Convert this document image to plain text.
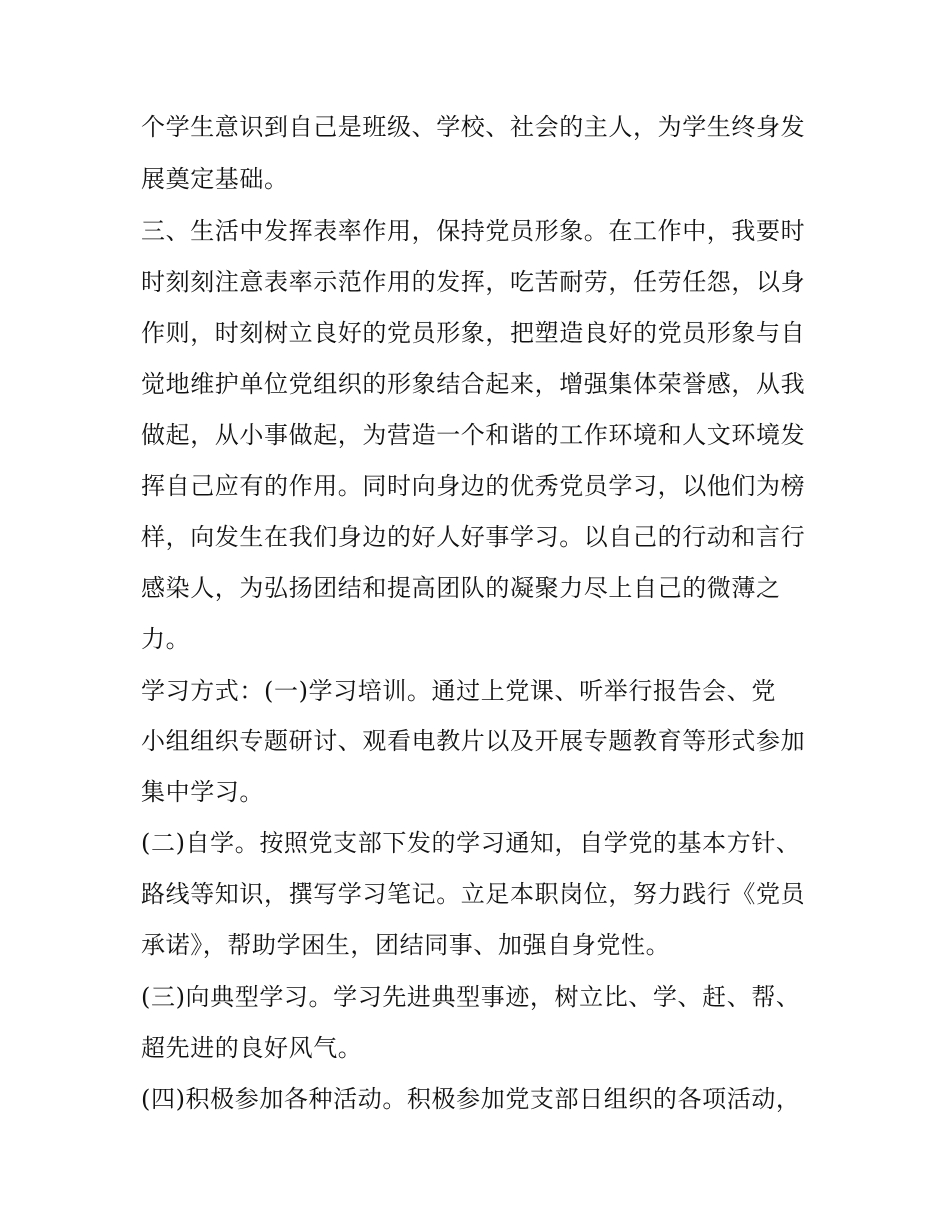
个学生意识到自己是班级、学校、社会的主人，为学生终身发
展奠定基础。
三、生活中发挥表率作用，保持党员形象。在工作中，我要时
时刻刻注意表率示范作用的发挥，吃苦耐劳，任劳任怨，以身
作则，时刻树立良好的党员形象，把塑造良好的党员形象与自
觉地维护单位党组织的形象结合起来，增强集体荣誉感，从我
做起，从小事做起，为营造一个和谐的工作环境和人文环境发
挥自己应有的作用。同时向身边的优秀党员学习，以他们为榜
样，向发生在我们身边的好人好事学习。以自己的行动和言行
感染人，为弘扬团结和提高团队的凝聚力尽上自己的微薄之
力。
学习方式：(一)学习培训。通过上党课、听举行报告会、党
小组组织专题研讨、观看电教片以及开展专题教育等形式参加
集中学习。
(二)自学。按照党支部下发的学习通知，自学党的基本方针、
路线等知识，撰写学习笔记。立足本职岗位，努力践行《党员
承诺》，帮助学困生，团结同事、加强自身党性。
(三)向典型学习。学习先进典型事迹，树立比、学、赶、帮、
超先进的良好风气。
(四)积极参加各种活动。积极参加党支部日组织的各项活动，
